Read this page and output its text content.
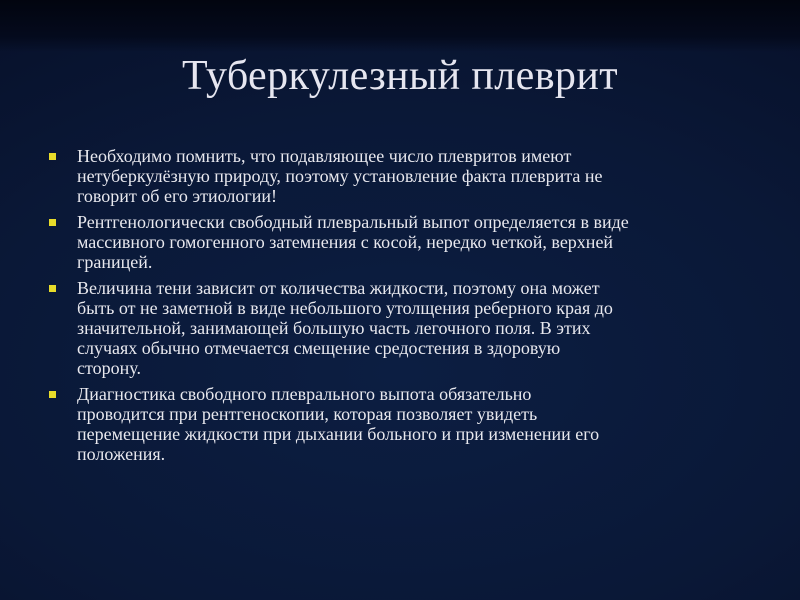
Туберкулезный плеврит
Необходимо помнить, что подавляющее число плевритов имеют
нетуберкулёзную природу, поэтому установление факта плеврита не
говорит об его этиологии!
Рентгенологически свободный плевральный выпот определяется в виде
массивного гомогенного затемнения с косой, нередко четкой, верхней
границей.
Величина тени зависит от количества жидкости, поэтому она может
быть от не заметной в виде небольшого утолщения реберного края до
значительной, занимающей большую часть легочного поля. В этих
случаях обычно отмечается смещение средостения в здоровую
сторону.
Диагностика свободного плеврального выпота обязательно
проводится при рентгеноскопии, которая позволяет увидеть
перемещение жидкости при дыхании больного и при изменении его
положения.
